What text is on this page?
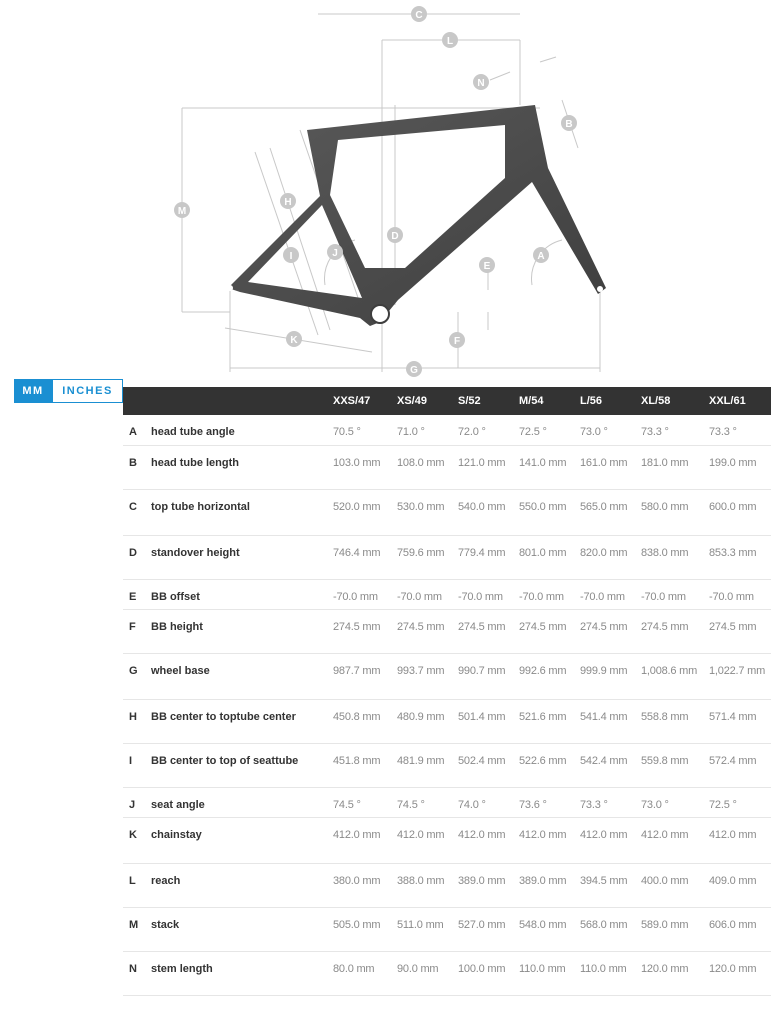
C
L
N
B
M
H
D
J
I
E
A
K	F
G
MM	INCHES
		XXS/47	XS/49	S/52	M/54	L/56	XL/58	XXL/61
A	head tube angle	70.5 °	71.0 °	72.0 °	72.5 °	73.0 °	73.3 °	73.3 °
B	head tube length	103.0 mm	108.0 mm	121.0 mm	141.0 mm	161.0 mm	181.0 mm	199.0 mm
C	top tube horizontal	520.0 mm	530.0 mm	540.0 mm	550.0 mm	565.0 mm	580.0 mm	600.0 mm
D	standover height	746.4 mm	759.6 mm	779.4 mm	801.0 mm	820.0 mm	838.0 mm	853.3 mm
E	BB offset	-70.0 mm	-70.0 mm	-70.0 mm	-70.0 mm	-70.0 mm	-70.0 mm	-70.0 mm
F	BB height	274.5 mm	274.5 mm	274.5 mm	274.5 mm	274.5 mm	274.5 mm	274.5 mm
G	wheel base	987.7 mm	993.7 mm	990.7 mm	992.6 mm	999.9 mm	1,008.6 mm	1,022.7 mm
H	BB center to toptube center	450.8 mm	480.9 mm	501.4 mm	521.6 mm	541.4 mm	558.8 mm	571.4 mm
I	BB center to top of seattube	451.8 mm	481.9 mm	502.4 mm	522.6 mm	542.4 mm	559.8 mm	572.4 mm
J	seat angle	74.5 °	74.5 °	74.0 °	73.6 °	73.3 °	73.0 °	72.5 °
K	chainstay	412.0 mm	412.0 mm	412.0 mm	412.0 mm	412.0 mm	412.0 mm	412.0 mm
L	reach	380.0 mm	388.0 mm	389.0 mm	389.0 mm	394.5 mm	400.0 mm	409.0 mm
M	stack	505.0 mm	511.0 mm	527.0 mm	548.0 mm	568.0 mm	589.0 mm	606.0 mm
N	stem length	80.0 mm	90.0 mm	100.0 mm	110.0 mm	110.0 mm	120.0 mm	120.0 mm
